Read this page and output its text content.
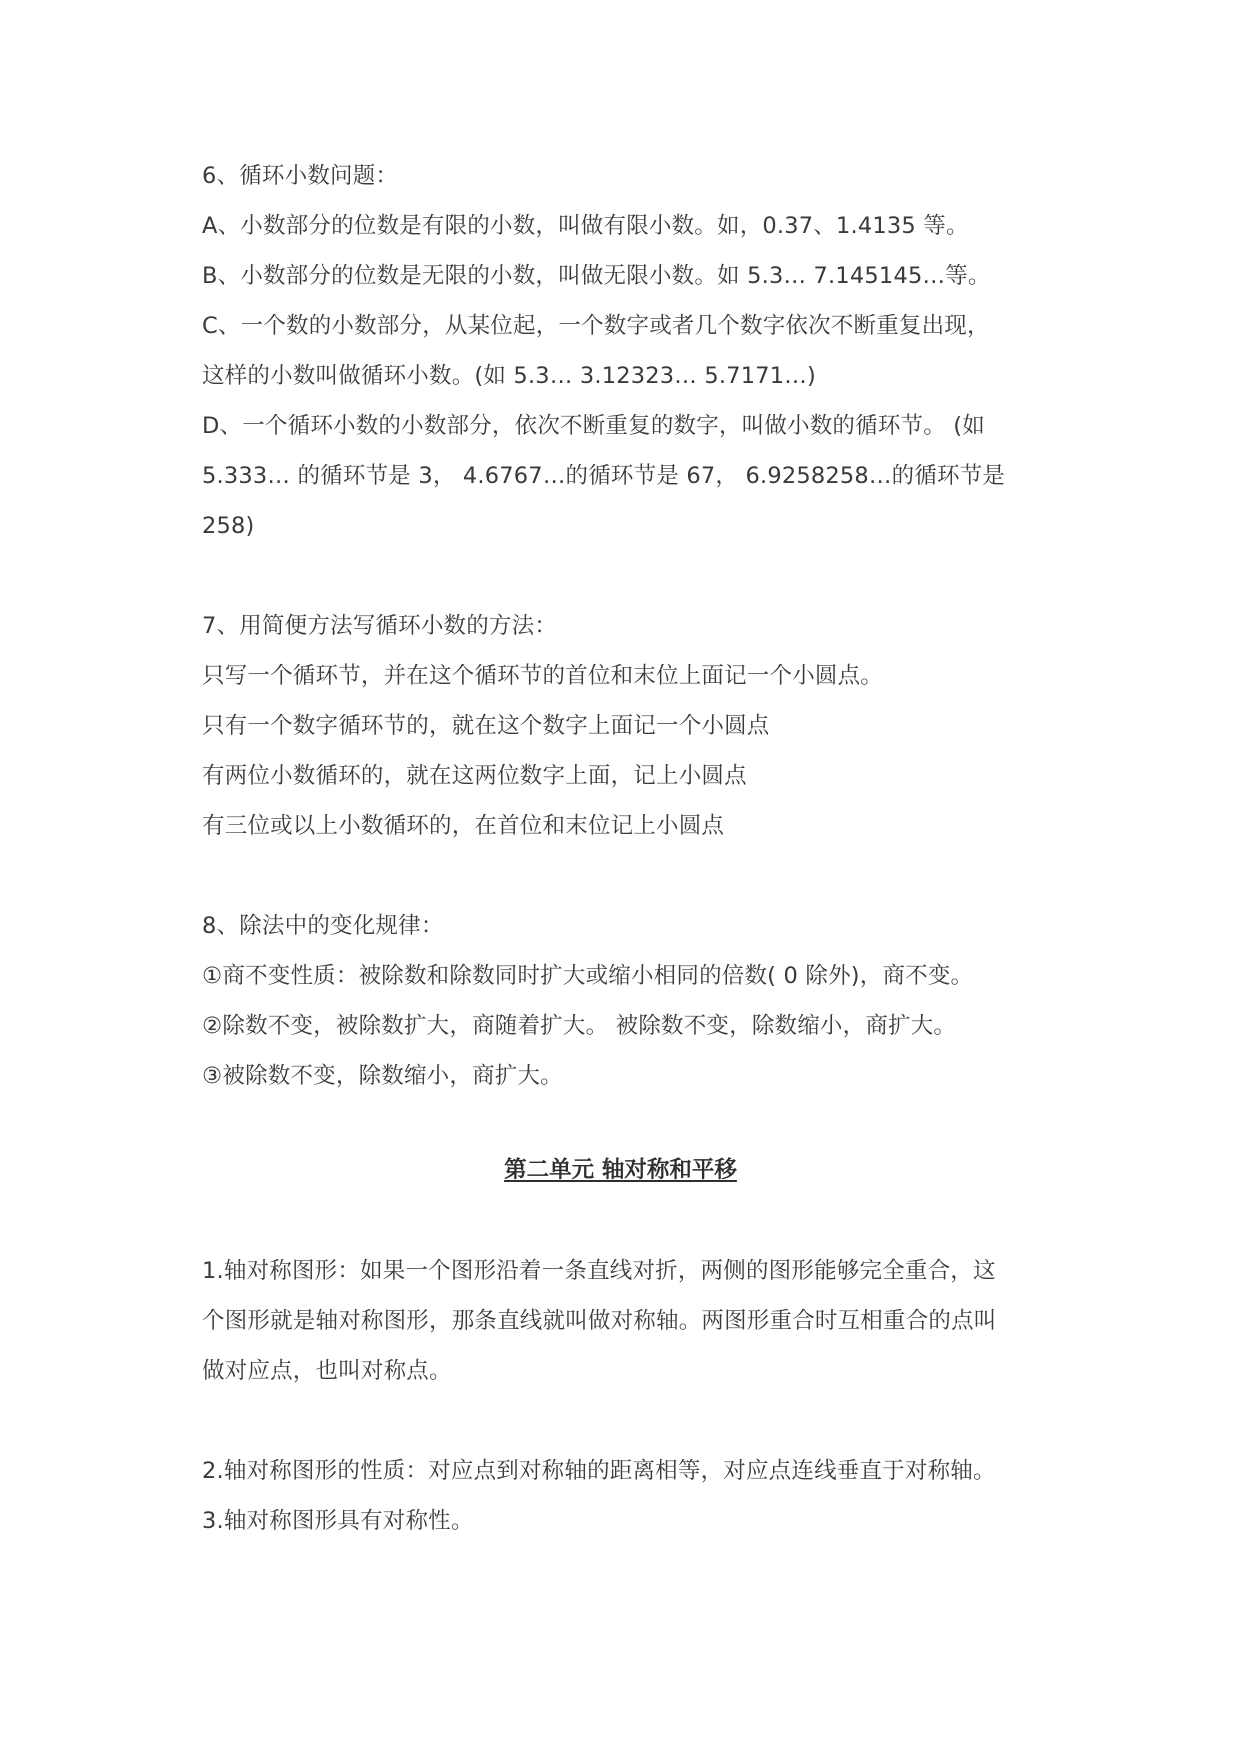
6、循环小数问题：
A、小数部分的位数是有限的小数，叫做有限小数。如，0.37、1.4135 等。
B、小数部分的位数是无限的小数，叫做无限小数。如 5.3… 7.145145…等。
C、一个数的小数部分，从某位起，一个数字或者几个数字依次不断重复出现，
这样的小数叫做循环小数。(如 5.3… 3.12323… 5.7171…)
D、一个循环小数的小数部分，依次不断重复的数字，叫做小数的循环节。 (如
5.333… 的循环节是 3， 4.6767…的循环节是 67， 6.9258258…的循环节是
258)
7、用简便方法写循环小数的方法：
只写一个循环节，并在这个循环节的首位和末位上面记一个小圆点。
只有一个数字循环节的，就在这个数字上面记一个小圆点
有两位小数循环的，就在这两位数字上面，记上小圆点
有三位或以上小数循环的，在首位和末位记上小圆点
8、除法中的变化规律：
①商不变性质：被除数和除数同时扩大或缩小相同的倍数( 0 除外)，商不变。
②除数不变，被除数扩大，商随着扩大。 被除数不变，除数缩小，商扩大。
③被除数不变，除数缩小，商扩大。
第二单元 轴对称和平移
1.轴对称图形：如果一个图形沿着一条直线对折，两侧的图形能够完全重合，这
个图形就是轴对称图形，那条直线就叫做对称轴。两图形重合时互相重合的点叫
做对应点，也叫对称点。
2.轴对称图形的性质：对应点到对称轴的距离相等，对应点连线垂直于对称轴。
3.轴对称图形具有对称性。
